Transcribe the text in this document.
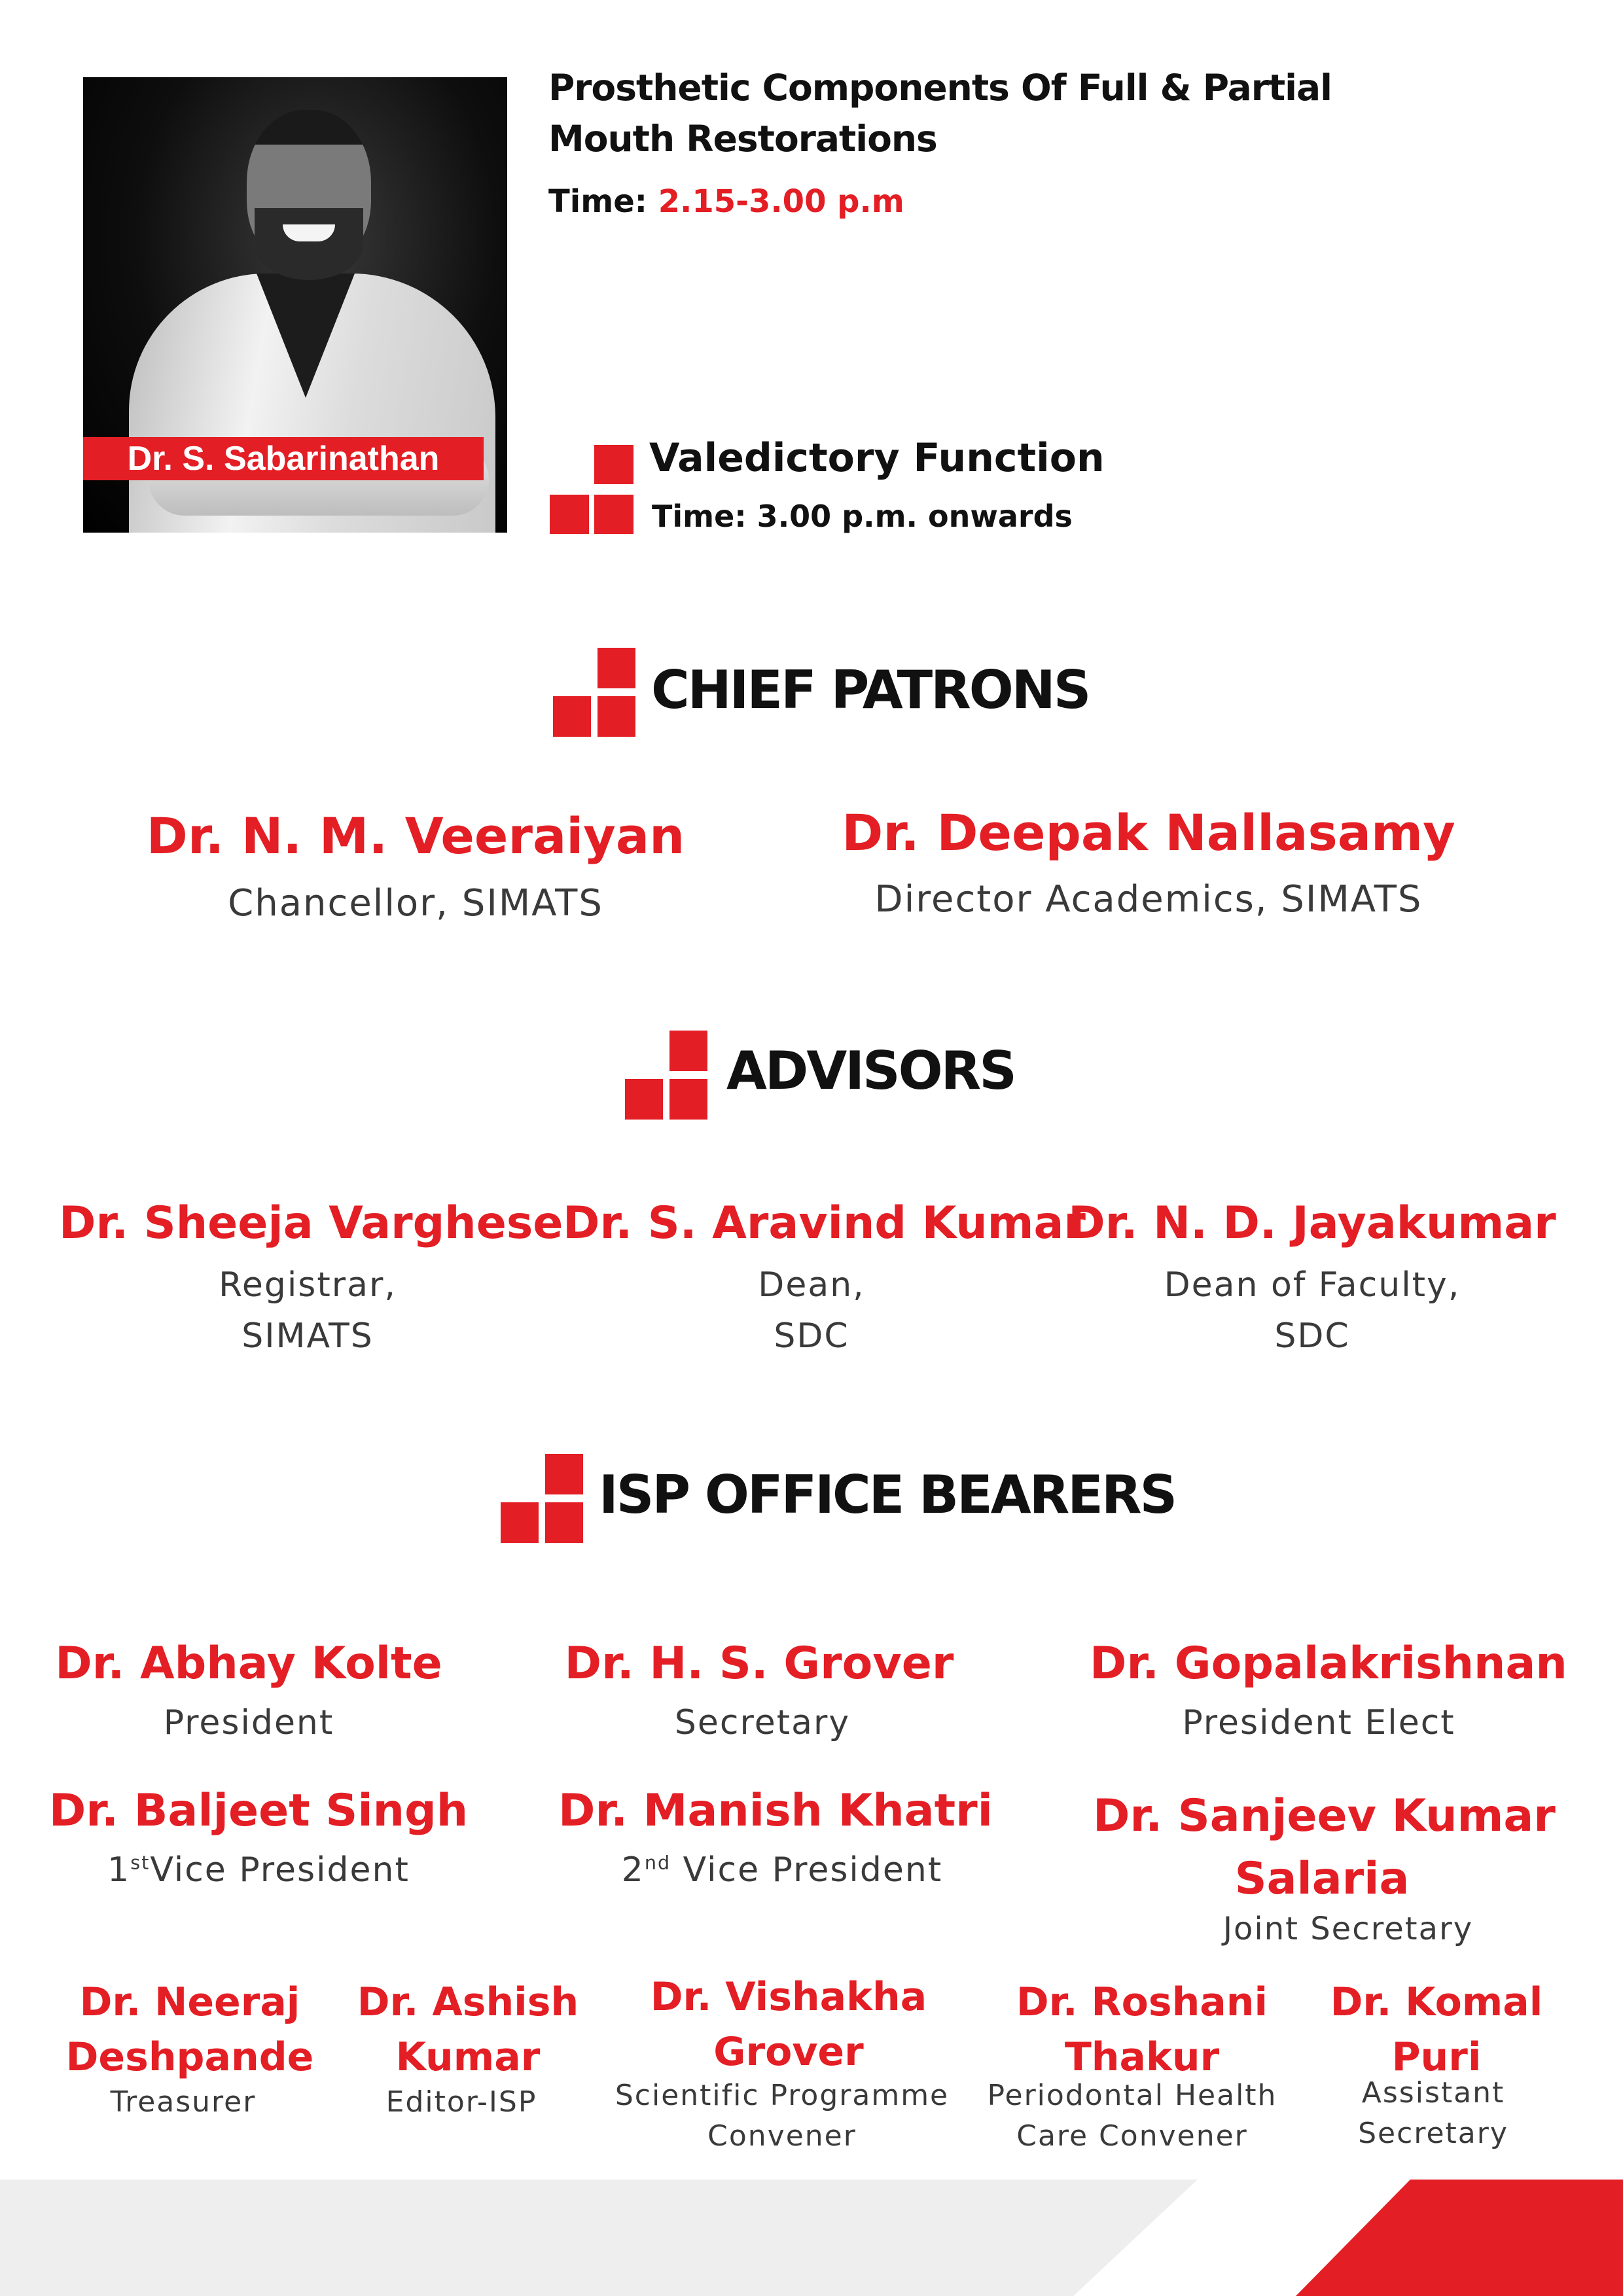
Dr. S. Sabarinathan
Prosthetic Components Of Full & Partial
Mouth Restorations
Time: 2.15-3.00 p.m
Valedictory Function
Time: 3.00 p.m. onwards
CHIEF PATRONS
Dr. N. M. Veeraiyan
Chancellor, SIMATS
Dr. Deepak Nallasamy
Director Academics, SIMATS
ADVISORS
Dr. Sheeja Varghese
Registrar,
SIMATS
Dr. S. Aravind Kumar
Dean,
SDC
Dr. N. D. Jayakumar
Dean of Faculty,
SDC
ISP OFFICE BEARERS
Dr. Abhay Kolte
President
Dr. H. S. Grover
Secretary
Dr. Gopalakrishnan
President Elect
Dr. Baljeet Singh
1stVice President
Dr. Manish Khatri
2nd Vice President
Dr. Sanjeev Kumar
Salaria
Joint Secretary
Dr. Neeraj
Deshpande
Treasurer
Dr. Ashish
Kumar
Editor-ISP
Dr. Vishakha
Grover
Scientific Programme
Convener
Dr. Roshani
Thakur
Periodontal Health
Care Convener
Dr. Komal
Puri
Assistant
Secretary
